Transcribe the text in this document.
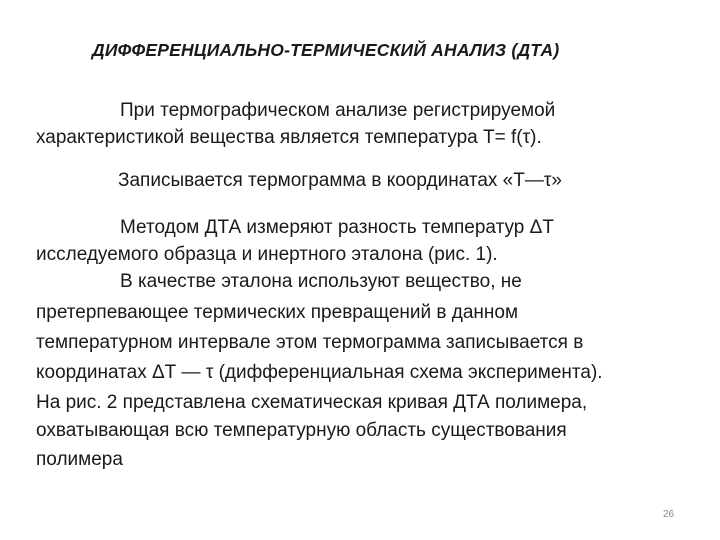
ДИФФЕРЕНЦИАЛЬНО-ТЕРМИЧЕСКИЙ АНАЛИЗ (ДТА)
При термографическом анализе регистрируемой
характеристикой вещества является температура Т= f(τ).
Записывается термограмма в координатах «T—τ»
Методом ДТА измеряют разность температур ΔТ
исследуемого образца и инертного эталона (рис. 1).
В качестве эталона используют вещество, не
претерпевающее термических превращений в данном
температурном интервале этом термограмма записывается в
координатах ΔТ — τ (дифференциальная схема эксперимента).
На рис. 2 представлена схематическая кривая ДТА полимера,
охватывающая всю температурную область существования
полимера
26
